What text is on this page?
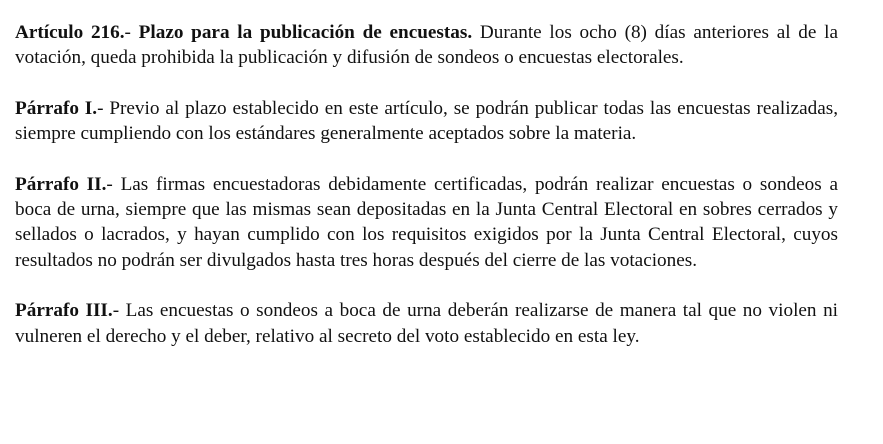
Artículo 216.- Plazo para la publicación de encuestas. Durante los ocho (8) días anteriores al de la votación, queda prohibida la publicación y difusión de sondeos o encuestas electorales.

Párrafo I.- Previo al plazo establecido en este artículo, se podrán publicar todas las encuestas realizadas, siempre cumpliendo con los estándares generalmente aceptados sobre la materia.

Párrafo II.- Las firmas encuestadoras debidamente certificadas, podrán realizar encuestas o sondeos a boca de urna, siempre que las mismas sean depositadas en la Junta Central Electoral en sobres cerrados y sellados o lacrados, y hayan cumplido con los requisitos exigidos por la Junta Central Electoral, cuyos resultados no podrán ser divulgados hasta tres horas después del cierre de las votaciones.

Párrafo III.- Las encuestas o sondeos a boca de urna deberán realizarse de manera tal que no violen ni vulneren el derecho y el deber, relativo al secreto del voto establecido en esta ley.
